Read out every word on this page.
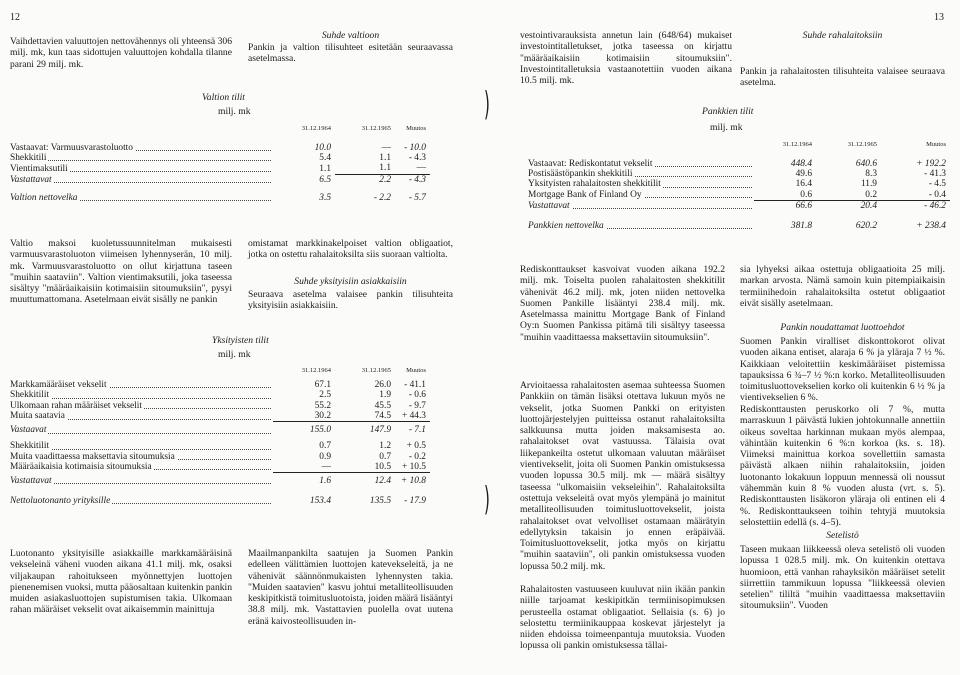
12
Vaihdettavien valuuttojen nettovähennys oli yhteensä 306 milj. mk, kun taas sidottujen valuuttojen kohdalla tilanne parani 29 milj. mk.
Suhde valtioon
Pankin ja valtion tilisuhteet esitetään seuraavassa asetelmassa.
Valtion tilit
milj. mk
	31.12.1964	31.12.1965	Muutos
Vastaavat: Varmuusvarastoluotto	10.0	—	- 10.0
Shekkitili	5.4	1.1	- 4.3
Vientimaksutili	1.1	1.1	—
Vastattavat	6.5	2.2	- 4.3
Valtion nettovelka	3.5	- 2.2	- 5.7
Valtio maksoi kuoletussuunnitelman mukaisesti varmuusvarastoluoton viimeisen lyhennyserän, 10 milj. mk. Varmuusvarastoluotto on ollut kirjattuna taseen "muihin saataviin". Valtion vientimaksutili, joka taseessa sisältyy "määräaikaisiin kotimaisiin sitoumuksiin", pysyi muuttumattomana. Asetelmaan eivät sisälly ne pankin
omistamat markkinakelpoiset valtion obligaatiot, jotka on ostettu rahalaitoksilta siis suoraan valtiolta.
Suhde yksityisiin asiakkaisiin
Seuraava asetelma valaisee pankin tilisuhteita yksityisiin asiakkaisiin.
Yksityisten tilit
milj. mk
	31.12.1964	31.12.1965	Muutos
Markkamääräiset vekselit	67.1	26.0	- 41.1
Shekkitilit	2.5	1.9	- 0.6
Ulkomaan rahan määräiset vekselit	55.2	45.5	- 9.7
Muita saatavia	30.2	74.5	+ 44.3
Vastaavat	155.0	147.9	- 7.1
Shekkitilit	0.7	1.2	+ 0.5
Muita vaadittaessa maksettavia sitoumuksia	0.9	0.7	- 0.2
Määräaikaisia kotimaisia sitoumuksia	—	10.5	+ 10.5
Vastattavat	1.6	12.4	+ 10.8
Nettoluotonanto yrityksille	153.4	135.5	- 17.9
Luotonanto yksityisille asiakkaille markkamääräisinä vekseleinä väheni vuoden aikana 41.1 milj. mk, osaksi viljakaupan rahoitukseen myönnettyjen luottojen pienenemisen vuoksi, mutta pääosaltaan kuitenkin pankin muiden asiakasluottojen supistumisen takia. Ulkomaan rahan määräiset vekselit ovat aikaisemmin mainittuja
Maailmanpankilta saatujen ja Suomen Pankin edelleen välittämien luottojen katevekseleitä, ja ne vähenivät säännönmukaisten lyhennysten takia. "Muiden saatavien" kasvu johtui metalliteollisuuden keskipitkistä toimitusluotoista, joiden määrä lisääntyi 38.8 milj. mk. Vastattavien puolella ovat uutena eränä kaivosteollisuuden in-
)
)
13
vestointivarauksista annetun lain (648/64) mukaiset investointitalletukset, jotka taseessa on kirjattu "määräaikaisiin kotimaisiin sitoumuksiin". Investointitalletuksia vastaanotettiin vuoden aikana 10.5 milj. mk.
Suhde rahalaitoksiin
Pankin ja rahalaitosten tilisuhteita valaisee seuraava asetelma.
Pankkien tilit
milj. mk
	31.12.1964	31.12.1965	Muutos
Vastaavat: Rediskontatut vekselit	448.4	640.6	+ 192.2
Postisäästöpankin shekkitili	49.6	8.3	- 41.3
Yksityisten rahalaitosten shekkitilit	16.4	11.9	- 4.5
Mortgage Bank of Finland Oy	0.6	0.2	- 0.4
Vastattavat	66.6	20.4	- 46.2
Pankkien nettovelka	381.8	620.2	+ 238.4
Rediskonttaukset kasvoivat vuoden aikana 192.2 milj. mk. Toiselta puolen rahalaitosten shekkitilit vähenivät 46.2 milj. mk, joten niiden nettovelka Suomen Pankille lisääntyi 238.4 milj. mk. Asetelmassa mainittu Mortgage Bank of Finland Oy:n Suomen Pankissa pitämä tili sisältyy taseessa "muihin vaadittaessa maksettaviin sitoumuksiin".
Arvioitaessa rahalaitosten asemaa suhteessa Suomen Pankkiin on tämän lisäksi otettava lukuun myös ne vekselit, jotka Suomen Pankki on erityisten luottojärjestelyjen puitteissa ostanut rahalaitoksilta salkkuunsa mutta joiden maksamisesta ao. rahalaitokset ovat vastuussa. Tälaisia ovat liikepankeilta ostetut ulkomaan valuutan määräiset vientivekselit, joita oli Suomen Pankin omistuksessa vuoden lopussa 30.5 milj. mk — määrä sisältyy taseessa "ulkomaisiin vekseleihin". Rahalaitoksilta ostettuja vekseleitä ovat myös ylempänä jo mainitut metalliteollisuuden toimitusluottovekselit, joista rahalaitokset ovat velvolliset ostamaan määrätyin edellytyksin takaisin jo ennen eräpäivää. Toimitusluottovekselit, jotka myös on kirjattu "muihin saataviin", oli pankin omistuksessa vuoden lopussa 50.2 milj. mk.
Rahalaitosten vastuuseen kuuluvat niin ikään pankin niille tarjoamat keskipitkän termiinisopimuksen perusteella ostamat obligaatiot. Sellaisia (s. 6) jo selostettu termiinikauppaa koskevat järjestelyt ja niiden ehdoissa toimeenpantuja muutoksia. Vuoden lopussa oli pankin omistuksessa tällai-
sia lyhyeksi aikaa ostettuja obligaatioita 25 milj. markan arvosta. Nämä samoin kuin pitempiaikaisin termiinihedoin rahalaitoksilta ostetut obligaatiot eivät sisälly asetelmaan.
Pankin noudattamat luottoehdot
Suomen Pankin viralliset diskonttokorot olivat vuoden aikana entiset, alaraja 6 % ja yläraja 7 ½ %. Kaikkiaan veloitettiin keskimääräiset pistemissa tapauksissa 6 ¾–7 ½ %:n korko. Metalliteollisuuden toimitusluottovekselien korko oli kuitenkin 6 ½ % ja vientivekselien 6 %.
Rediskonttausten peruskorko oli 7 %, mutta marraskuun 1 päivästä lukien johtokunnalle annettiin oikeus soveltaa harkinnan mukaan myös alempaa, vähintään kuitenkin 6 %:n korkoa (ks. s. 18). Viimeksi mainittua korkoa sovellettiin samasta päivästä alkaen niihin rahalaitoksiin, joiden luotonanto lokakuun loppuun mennessä oli noussut vähemmän kuin 8 % vuoden alusta (vrt. s. 5). Rediskonttausten lisäkoron yläraja oli entinen eli 4 %. Rediskonttaukseen toihin tehtyjä muutoksia selostettiin edellä (s. 4–5).
Setelistö
Taseen mukaan liikkeessä oleva setelistö oli vuoden lopussa 1 028.5 milj. mk. On kuitenkin otettava huomioon, että vanhan rahayksikön määräiset setelit siirrettiin tammikuun lopussa "liikkeessä olevien setelien" tililtä "muihin vaadittaessa maksettaviin sitoumuksiin". Vuoden
